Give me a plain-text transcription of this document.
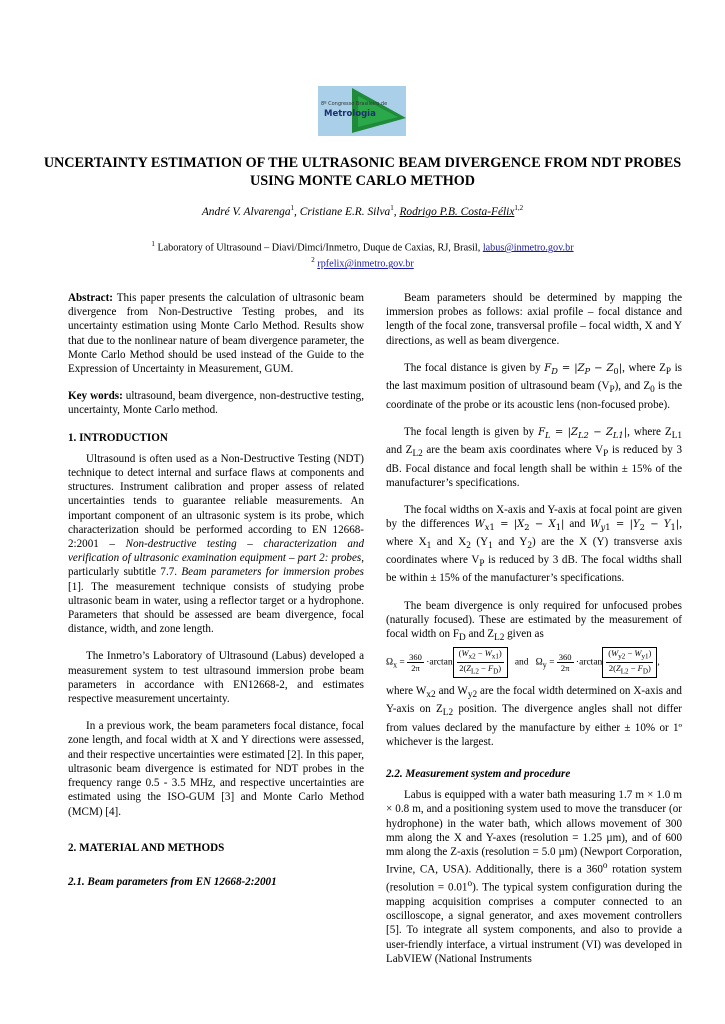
8º Congresso Brasileiro de
Metrologia
UNCERTAINTY ESTIMATION OF THE ULTRASONIC BEAM DIVERGENCE FROM NDT PROBES USING MONTE CARLO METHOD
André V. Alvarenga$^1$, Cristiane E.R. Silva$^1$, Rodrigo P.B. Costa-Félix$^{1,2}$
$^1$ Laboratory of Ultrasound – Diavi/Dimci/Inmetro, Duque de Caxias, RJ, Brasil, labus@inmetro.gov.br
$^2$ rpfelix@inmetro.gov.br

Abstract: This paper presents the calculation of ultrasonic beam divergence from Non-Destructive Testing probes, and its uncertainty estimation using Monte Carlo Method. Results show that due to the nonlinear nature of beam divergence parameter, the Monte Carlo Method should be used instead of the Guide to the Expression of Uncertainty in Measurement, GUM.

Key words: ultrasound, beam divergence, non-destructive testing, uncertainty, Monte Carlo method.

1. INTRODUCTION

Ultrasound is often used as a Non-Destructive Testing (NDT) technique to detect internal and surface flaws at components and structures. Instrument calibration and proper assess of related uncertainties tends to guarantee reliable measurements. An important component of an ultrasonic system is its probe, which characterization should be performed according to EN 12668-2:2001 – Non-destructive testing – characterization and verification of ultrasonic examination equipment – part 2: probes, particularly subtitle 7.7. Beam parameters for immersion probes [1]. The measurement technique consists of studying probe ultrasonic beam in water, using a reflector target or a hydrophone. Parameters that should be assessed are beam divergence, focal distance, width, and zone length.

The Inmetro’s Laboratory of Ultrasound (Labus) developed a measurement system to test ultrasound immersion probe beam parameters in accordance with EN12668-2, and estimates respective measurement uncertainty.

In a previous work, the beam parameters focal distance, focal zone length, and focal width at X and Y directions were assessed, and their respective uncertainties were estimated [2]. In this paper, ultrasonic beam divergence is estimated for NDT probes in the frequency range 0.5 - 3.5 MHz, and respective uncertainties are estimated using the ISO-GUM [3] and Monte Carlo Method (MCM) [4].

2. MATERIAL AND METHODS
2.1. Beam parameters from EN 12668-2:2001

Beam parameters should be determined by mapping the immersion probes as follows: axial profile – focal distance and length of the focal zone, transversal profile – focal width, X and Y directions, as well as beam divergence.

The focal distance is given by $F_D = |Z_P - Z_0|$, where $Z_P$ is the last maximum position of ultrasound beam $(V_P)$, and $Z_0$ is the coordinate of the probe or its acoustic lens (non-focused probe).

The focal length is given by $F_L = |Z_{L2} - Z_{L1}|$, where $Z_{L1}$ and $Z_{L2}$ are the beam axis coordinates where $V_P$ is reduced by 3 dB. Focal distance and focal length shall be within ± 15% of the manufacturer’s specifications.

The focal widths on X-axis and Y-axis at focal point are given by the differences $W_{x1} = |X_2 - X_1|$ and $W_{y1} = |Y_2 - Y_1|$, where $X_1$ and $X_2$ ($Y_1$ and $Y_2$) are the X (Y) transverse axis coordinates where $V_P$ is reduced by 3 dB. The focal widths shall be within ± 15% of the manufacturer’s specifications.

The beam divergence is only required for unfocused probes (naturally focused). These are estimated by the measurement of focal width on $F_D$ and $Z_{L2}$ given as

$\Omega_x = \frac{360}{2\pi} \cdot\arctan \frac{(W_{x2} - W_{x1})}{2(Z_{L2} - F_D)}$ and   $\Omega_y = \frac{360}{2\pi} \cdot\arctan \frac{(W_{y2} - W_{y1})}{2(Z_{L2} - F_D)}$ ,

where $W_{x2}$ and $W_{y2}$ are the focal width determined on X-axis and Y-axis on $Z_{L2}$ position. The divergence angles shall not differ from values declared by the manufacture by either ± 10% or 1º whichever is the largest.

2.2. Measurement system and procedure

Labus is equipped with a water bath measuring 1.7 m × 1.0 m × 0.8 m, and a positioning system used to move the transducer (or hydrophone) in the water bath, which allows movement of 300 mm along the X and Y-axes (resolution = 1.25 µm), and of 600 mm along the Z-axis (resolution = 5.0 µm) (Newport Corporation, Irvine, CA, USA). Additionally, there is a 360$^o$ rotation system (resolution = $0.01^o$). The typical system configuration during the mapping acquisition comprises a computer connected to an oscilloscope, a signal generator, and axes movement controllers [5]. To integrate all system components, and also to provide a user-friendly interface, a virtual instrument (VI) was developed in LabVIEW (National Instruments
